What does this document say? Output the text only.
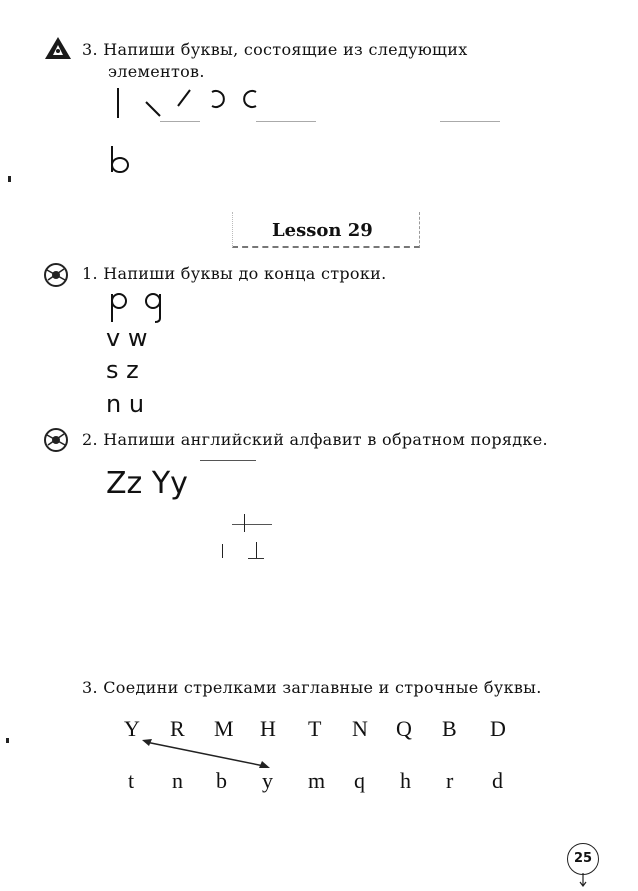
3. Напиши буквы, состоящие из следующих
элементов.
Lesson 29
1. Напиши буквы до конца строки.
v w
s z
n u
2. Напиши английский алфавит в обратном порядке.
Zz Yy
3. Соедини стрелками заглавные и строчные буквы.
Y R M H T N Q B D
t n b y m q h r d
25
